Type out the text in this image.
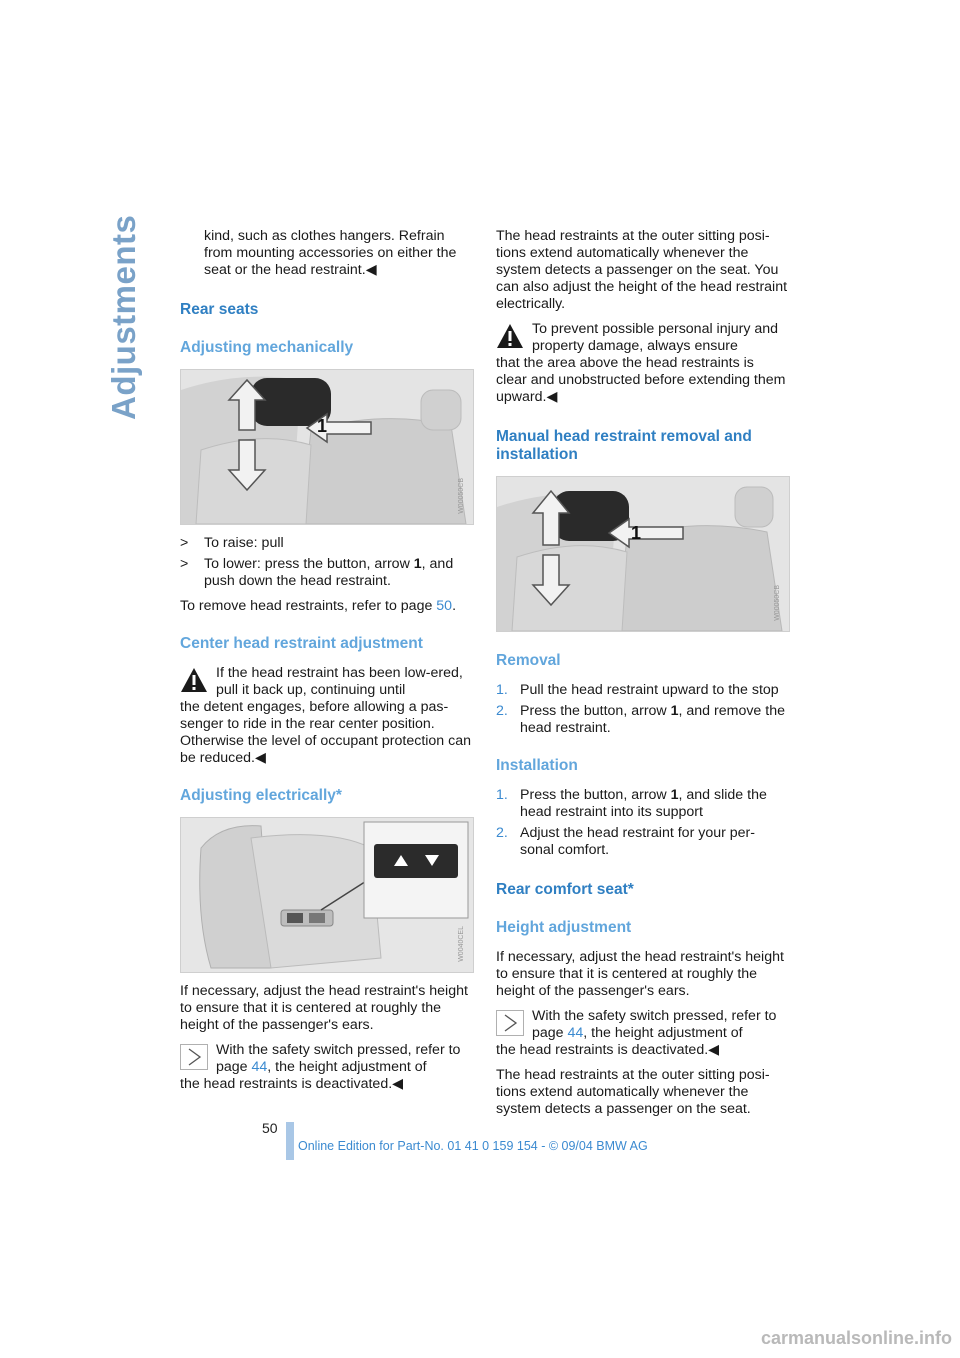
Adjustments	kind, such as clothes hangers. Refrain from mounting accessories on either the seat or the head restraint.◀

Rear seats
Adjusting mechanically
1
W00050CB
>	To raise: pull
>	To lower: press the button, arrow 1, and push down the head restraint.

To remove head restraints, refer to page 50.

Center head restraint adjustment
If the head restraint has been low-ered, pull it back up, continuing until
the detent engages, before allowing a pas-senger to ride in the rear center position. Otherwise the level of occupant protection can be reduced.◀
Adjusting electrically*
W0040CEL

If necessary, adjust the head restraint's height to ensure that it is centered at roughly the height of the passenger's ears.

With the safety switch pressed, refer to page 44, the height adjustment of
the head restraints is deactivated.◀

The head restraints at the outer sitting posi-tions extend automatically whenever the system detects a passenger on the seat. You can also adjust the height of the head restraint electrically.

To prevent possible personal injury and property damage, always ensure
that the area above the head restraints is clear and unobstructed before extending them upward.◀
Manual head restraint removal and installation
1
W00050CB
Removal
1. Pull the head restraint upward to the stop
2. Press the button, arrow 1, and remove the head restraint.
Installation
1. Press the button, arrow 1, and slide the head restraint into its support
2. Adjust the head restraint for your per-sonal comfort.
Rear comfort seat*
Height adjustment

If necessary, adjust the head restraint's height to ensure that it is centered at roughly the height of the passenger's ears.

With the safety switch pressed, refer to page 44, the height adjustment of
the head restraints is deactivated.◀

The head restraints at the outer sitting posi-tions extend automatically whenever the system detects a passenger on the seat.

50
Online Edition for Part-No. 01 41 0 159 154 - © 09/04 BMW AG
carmanualsonline.info
